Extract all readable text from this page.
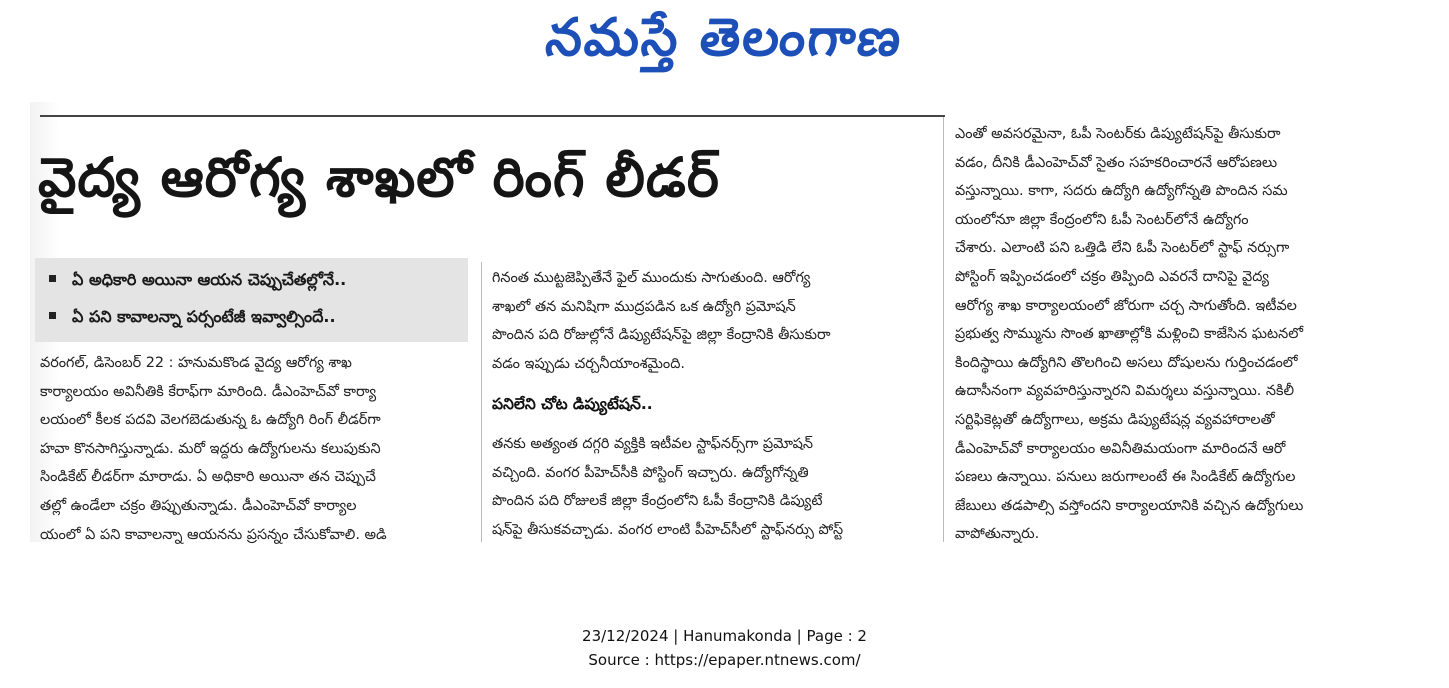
నమస్తే తెలంగాణ
వైద్య ఆరోగ్య శాఖలో రింగ్ లీడర్
ఏ అధికారి అయినా ఆయన చెప్పుచేతల్లోనే..
ఏ పని కావాలన్నా పర్సంటేజీ ఇవ్వాల్సిందే..

వరంగల్, డిసెంబర్ 22 : హనుమకొండ వైద్య ఆరోగ్య శాఖ

కార్యాలయం అవినీతికి కేరాఫ్‌గా మారింది. డీఎంహెచ్‌వో కార్యా

లయంలో కీలక పదవి వెలగబెడుతున్న ఓ ఉద్యోగి రింగ్ లీడర్‌గా

హవా కొనసాగిస్తున్నాడు. మరో ఇద్దరు ఉద్యోగులను కలుపుకుని

సిండికేట్ లీడర్‌గా మారాడు. ఏ అధికారి అయినా తన చెప్పుచే

తల్లో ఉండేలా చక్రం తిప్పుతున్నాడు. డీఎంహెచ్‌వో కార్యాల

యంలో ఏ పని కావాలన్నా ఆయనను ప్రసన్నం చేసుకోవాలి. అడి

గినంత ముట్టజెప్పితేనే ఫైల్ ముందుకు సాగుతుంది. ఆరోగ్య

శాఖలో తన మనిషిగా ముద్రపడిన ఒక ఉద్యోగి ప్రమోషన్

పొందిన పది రోజుల్లోనే డిప్యుటేషన్‌పై జిల్లా కేంద్రానికి తీసుకురా

వడం ఇప్పుడు చర్చనీయాంశమైంది.

పనిలేని చోట డిప్యుటేషన్..

తనకు అత్యంత దగ్గరి వ్యక్తికి ఇటీవల స్టాఫ్‌నర్స్‌గా ప్రమోషన్

వచ్చింది. వంగర పీహెచ్‌సీకి పోస్టింగ్ ఇచ్చారు. ఉద్యోగోన్నతి

పొందిన పది రోజులకే జిల్లా కేంద్రంలోని ఓపీ కేంద్రానికి డిప్యుటే

షన్‌పై తీసుకవచ్చాడు. వంగర లాంటి పీహెచ్‌సీలో స్టాఫ్‌నర్సు పోస్ట్

ఎంతో అవసరమైనా, ఓపీ సెంటర్‌కు డిప్యుటేషన్‌పై తీసుకురా

వడం, దీనికి డీఎంహెచ్‌వో సైతం సహకరించారనే ఆరోపణలు

వస్తున్నాయి. కాగా, సదరు ఉద్యోగి ఉద్యోగోన్నతి పొందిన సమ

యంలోనూ జిల్లా కేంద్రంలోని ఓపీ సెంటర్‌లోనే ఉద్యోగం

చేశారు. ఎలాంటి పని ఒత్తిడి లేని ఓపీ సెంటర్‌లో స్టాఫ్ నర్సుగా

పోస్టింగ్ ఇప్పించడంలో చక్రం తిప్పింది ఎవరనే దానిపై వైద్య

ఆరోగ్య శాఖ కార్యాలయంలో జోరుగా చర్చ సాగుతోంది. ఇటీవల

ప్రభుత్వ సొమ్మును సొంత ఖాతాల్లోకి మళ్లించి కాజేసిన ఘటనలో

కిందిస్థాయి ఉద్యోగిని తొలగించి అసలు దోషులను గుర్తించడంలో

ఉదాసీనంగా వ్యవహరిస్తున్నారని విమర్శలు వస్తున్నాయి. నకిలీ

సర్టిఫికెట్లతో ఉద్యోగాలు, అక్రమ డిప్యుటేషన్ల వ్యవహారాలతో

డీఎంహెచ్‌వో కార్యాలయం అవినీతిమయంగా మారిందనే ఆరో

పణలు ఉన్నాయి. పనులు జరుగాలంటే ఈ సిండికేట్ ఉద్యోగుల

జేబులు తడపాల్సి వస్తోందని కార్యాలయానికి వచ్చిన ఉద్యోగులు

వాపోతున్నారు.

23/12/2024 | Hanumakonda | Page : 2
Source : https://epaper.ntnews.com/
